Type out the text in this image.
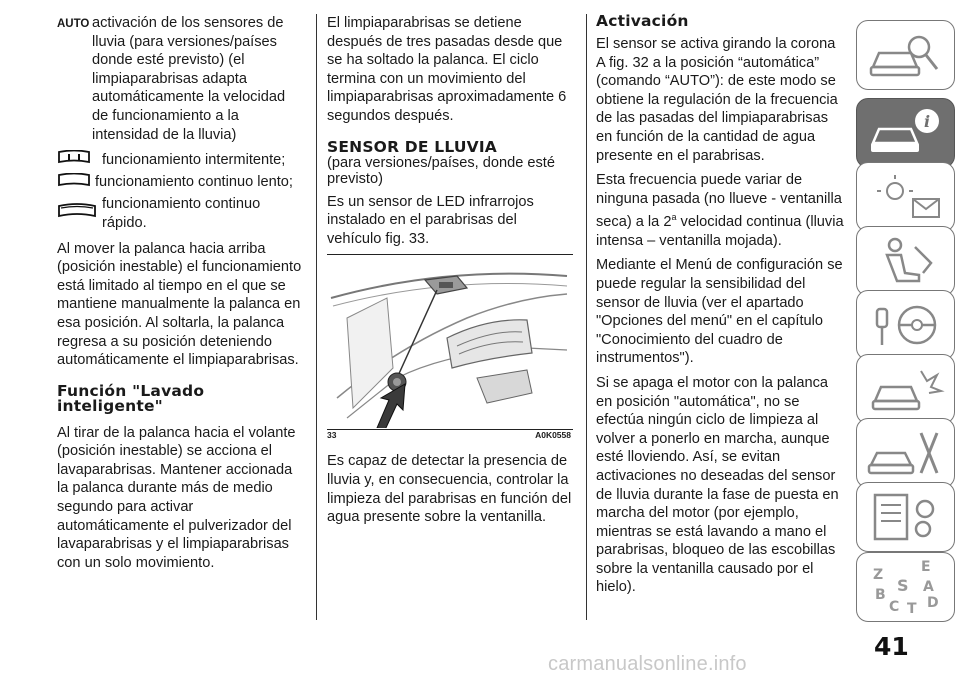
AUTO activación de los sensores de lluvia (para versiones/países donde esté previsto) (el limpiaparabrisas adapta automáticamente la velocidad de funcionamiento a la intensidad de la lluvia)
funcionamiento intermitente;
funcionamiento continuo lento;
funcionamiento continuo rápido.

Al mover la palanca hacia arriba (posición inestable) el funcionamiento está limitado al tiempo en el que se mantiene manualmente la palanca en esa posición. Al soltarla, la palanca regresa a su posición deteniendo automáticamente el limpiaparabrisas.

Función "Lavado
inteligente"

Al tirar de la palanca hacia el volante (posición inestable) se acciona el lavaparabrisas. Mantener accionada la palanca durante más de medio segundo para activar automáticamente el pulverizador del lavaparabrisas y el limpiaparabrisas con un solo movimiento.

El limpiaparabrisas se detiene después de tres pasadas desde que se ha soltado la palanca. El ciclo termina con un movimiento del limpiaparabrisas aproximadamente 6 segundos después.

SENSOR DE LLUVIA

(para versiones/países, donde esté previsto)

Es un sensor de LED infrarrojos instalado en el parabrisas del vehículo fig. 33.

33	A0K0558

Es capaz de detectar la presencia de lluvia y, en consecuencia, controlar la limpieza del parabrisas en función del agua presente sobre la ventanilla.

Activación

El sensor se activa girando la corona A fig. 32 a la posición “automática” (comando “AUTO”): de este modo se obtiene la regulación de la frecuencia de las pasadas del limpiaparabrisas en función de la cantidad de agua presente en el parabrisas.

Esta frecuencia puede variar de ninguna pasada (no llueve - ventanilla seca) a la 2$^a$ velocidad continua (lluvia intensa – ventanilla mojada).

Mediante el Menú de configuración se puede regular la sensibilidad del sensor de lluvia (ver el apartado "Opciones del menú" en el capítulo "Conocimiento del cuadro de instrumentos").

Si se apaga el motor con la palanca en posición "automática", no se efectúa ningún ciclo de limpieza al volver a ponerlo en marcha, aunque esté lloviendo. Así, se evitan activaciones no deseadas del sensor de lluvia durante la fase de puesta en marcha del motor (por ejemplo, mientras se está lavando a mano el parabrisas, bloqueo de las escobillas sobre la ventanilla causado por el hielo).

i
Z	E
S A
B
C T D
41
carmanualsonline.info
